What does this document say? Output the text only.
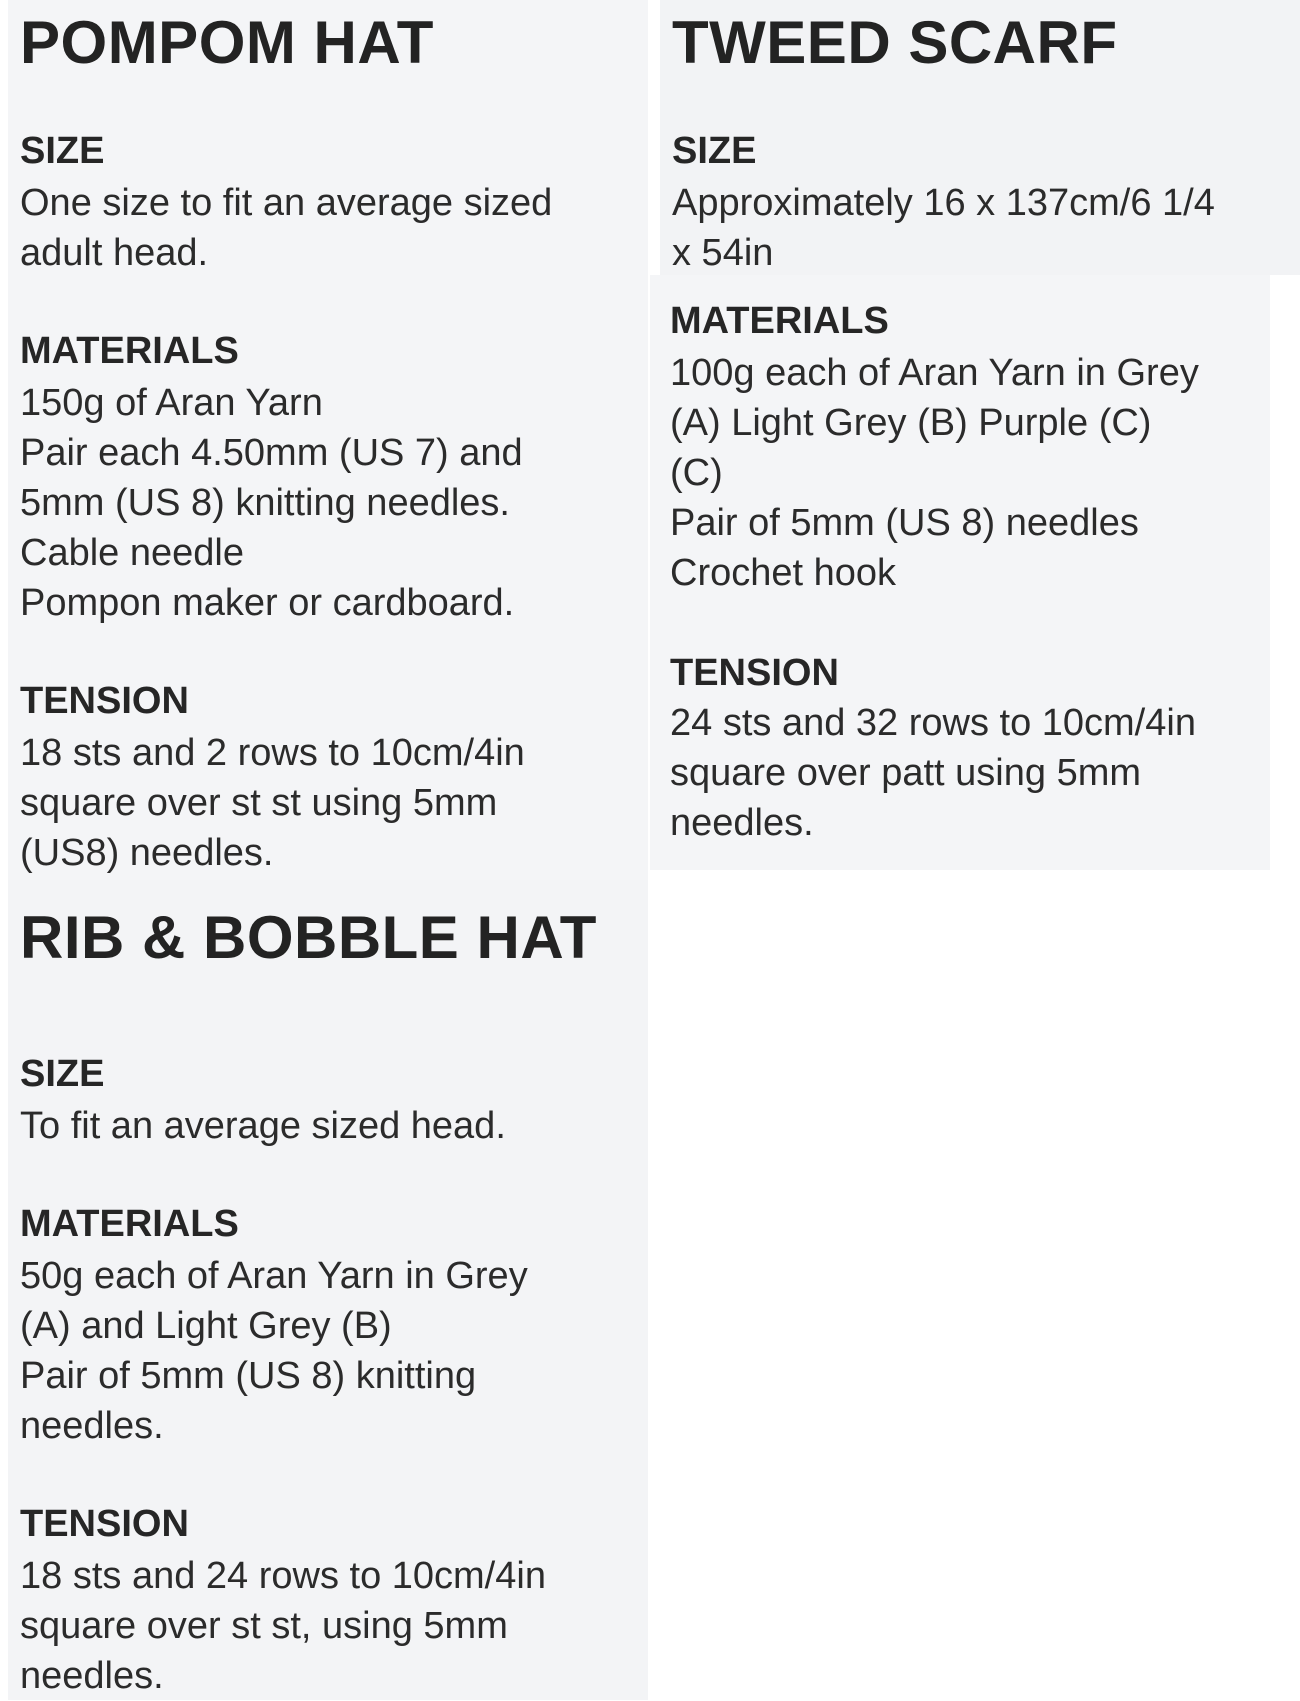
POMPOM HAT
SIZE
One size to fit an average sized
adult head.
MATERIALS
150g of Aran Yarn
Pair each 4.50mm (US 7) and
5mm (US 8) knitting needles.
Cable needle
Pompon maker or cardboard.
TENSION
18 sts and 2 rows to 10cm/4in
square over st st using 5mm
(US8) needles.
TWEED SCARF
SIZE
Approximately 16 x 137cm/6 1/4
x 54in
MATERIALS
100g each of Aran Yarn in Grey
(A) Light Grey (B) Purple (C)
(C)
Pair of 5mm (US 8) needles
Crochet hook
TENSION
24 sts and 32 rows to 10cm/4in
square over patt using 5mm
needles.
RIB & BOBBLE HAT
SIZE
To fit an average sized head.
MATERIALS
50g each of Aran Yarn in Grey
(A) and Light Grey (B)
Pair of 5mm (US 8) knitting
needles.
TENSION
18 sts and 24 rows to 10cm/4in
square over st st, using 5mm
needles.
